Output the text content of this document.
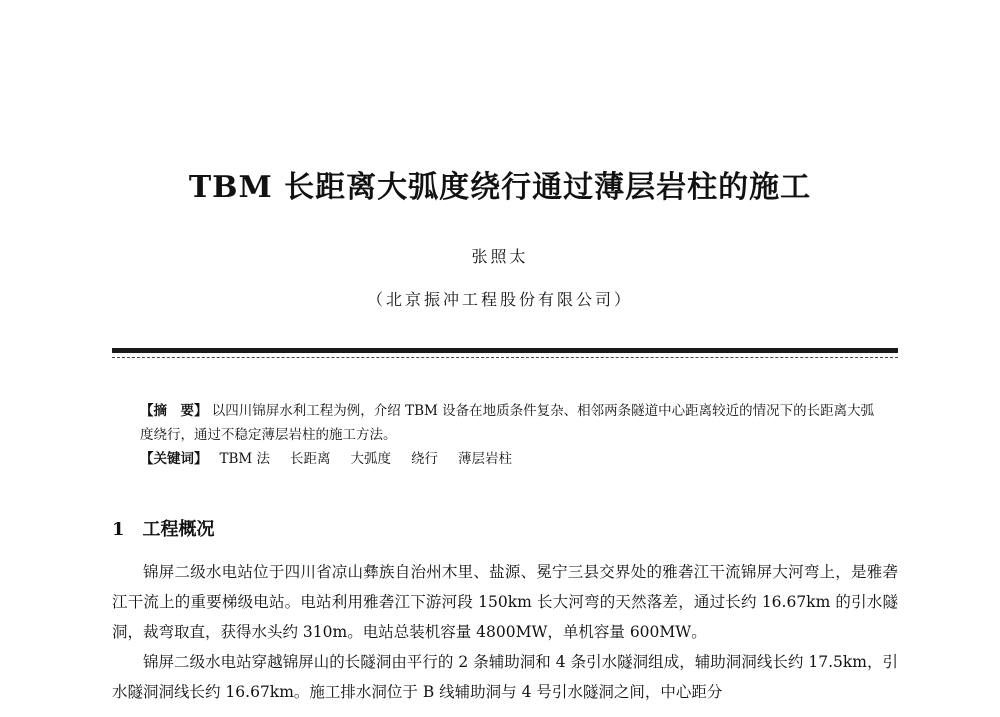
TBM 长距离大弧度绕行通过薄层岩柱的施工
张照太
（北京振冲工程股份有限公司）
【摘　要】 以四川锦屏水利工程为例，介绍 TBM 设备在地质条件复杂、相邻两条隧道中心距离较近的情况下的长距离大弧度绕行，通过不稳定薄层岩柱的施工方法。
【关键词】 TBM 法 长距离 大弧度 绕行 薄层岩柱
1 工程概况

锦屏二级水电站位于四川省凉山彝族自治州木里、盐源、冕宁三县交界处的雅砻江干流锦屏大河弯上，是雅砻江干流上的重要梯级电站。电站利用雅砻江下游河段 150km 长大河弯的天然落差，通过长约 16.67km 的引水隧洞，裁弯取直，获得水头约 310m。电站总装机容量 4800MW，单机容量 600MW。

锦屏二级水电站穿越锦屏山的长隧洞由平行的 2 条辅助洞和 4 条引水隧洞组成，辅助洞洞线长约 17.5km，引水隧洞洞线长约 16.67km。施工排水洞位于 B 线辅助洞与 4 号引水隧洞之间，中心距分
